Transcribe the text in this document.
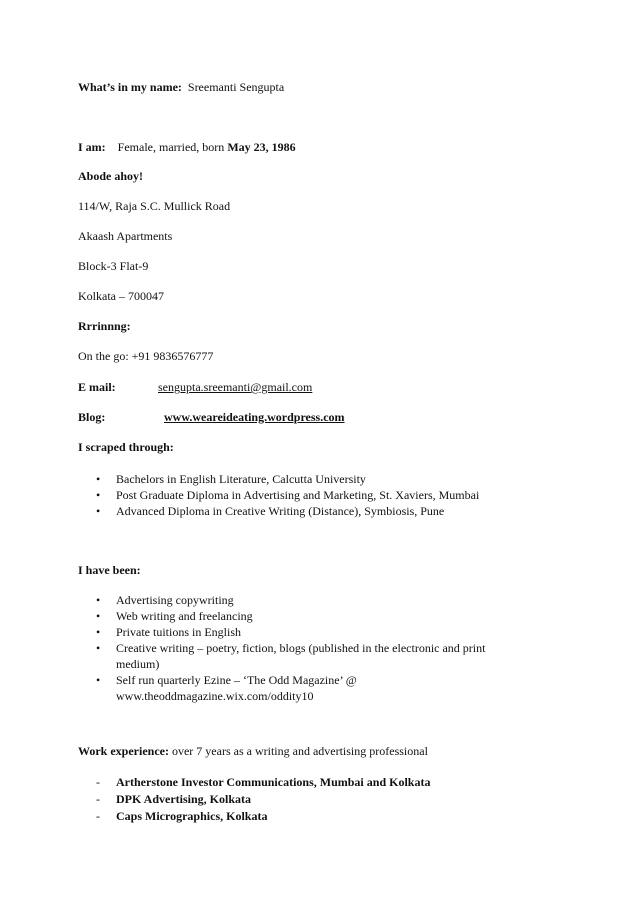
What’s in my name: Sreemanti Sengupta
I am: Female, married, born May 23, 1986
Abode ahoy!
114/W, Raja S.C. Mullick Road
Akaash Apartments
Block-3 Flat-9
Kolkata – 700047
Rrrinnng:
On the go: +91 9836576777
E mail:	sengupta.sreemanti@gmail.com
Blog:	www.weareideating.wordpress.com
I scraped through:
• Bachelors in English Literature, Calcutta University
• Post Graduate Diploma in Advertising and Marketing, St. Xaviers, Mumbai
• Advanced Diploma in Creative Writing (Distance), Symbiosis, Pune
I have been:
• Advertising copywriting
• Web writing and freelancing
• Private tuitions in English
• Creative writing – poetry, fiction, blogs (published in the electronic and print medium)
• Self run quarterly Ezine – ‘The Odd Magazine’ @ www.theoddmagazine.wix.com/oddity10
Work experience: over 7 years as a writing and advertising professional
- Artherstone Investor Communications, Mumbai and Kolkata
- DPK Advertising, Kolkata
- Caps Micrographics, Kolkata
